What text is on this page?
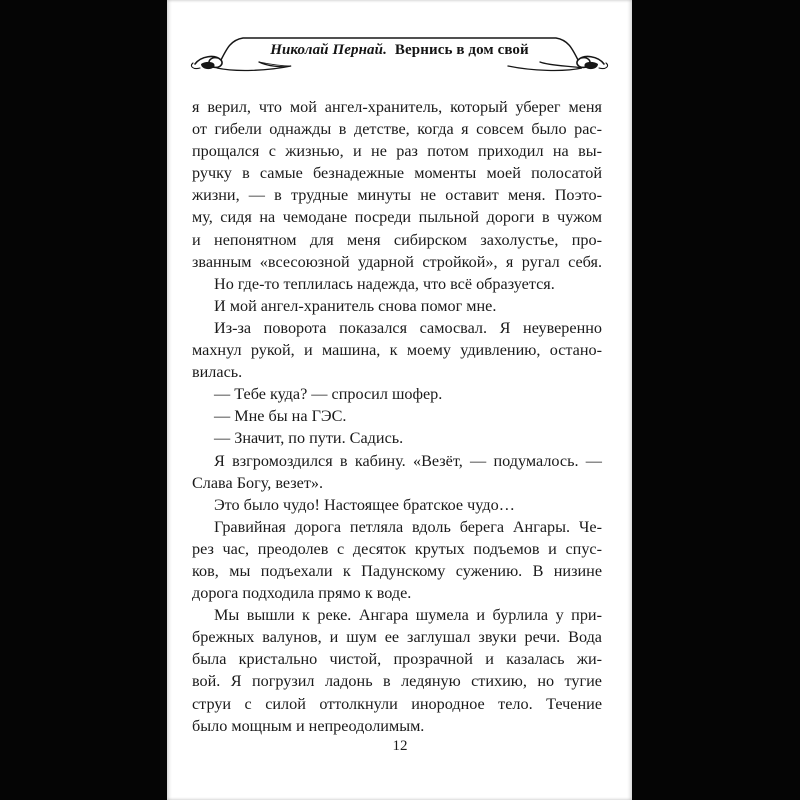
Николай Пернай. Вернись в дом свой
я верил, что мой ангел-хранитель, который уберег меня
от гибели однажды в детстве, когда я совсем было рас-
прощался с жизнью, и не раз потом приходил на вы-
ручку в самые безнадежные моменты моей полосатой
жизни, — в трудные минуты не оставит меня. Поэто-
му, сидя на чемодане посреди пыльной дороги в чужом
и непонятном для меня сибирском захолустье, про-
званным «всесоюзной ударной стройкой», я ругал себя.
Но где-то теплилась надежда, что всё образуется.
И мой ангел-хранитель снова помог мне.
Из-за поворота показался самосвал. Я неуверенно
махнул рукой, и машина, к моему удивлению, остано-
вилась.
— Тебе куда? — спросил шофер.
— Мне бы на ГЭС.
— Значит, по пути. Садись.
Я взгромоздился в кабину. «Везёт, — подумалось. —
Слава Богу, везет».
Это было чудо! Настоящее братское чудо…
Гравийная дорога петляла вдоль берега Ангары. Че-
рез час, преодолев с десяток крутых подъемов и спус-
ков, мы подъехали к Падунскому сужению. В низине
дорога подходила прямо к воде.
Мы вышли к реке. Ангара шумела и бурлила у при-
брежных валунов, и шум ее заглушал звуки речи. Вода
была кристально чистой, прозрачной и казалась жи-
вой. Я погрузил ладонь в ледяную стихию, но тугие
струи с силой оттолкнули инородное тело. Течение
было мощным и непреодолимым.
12
